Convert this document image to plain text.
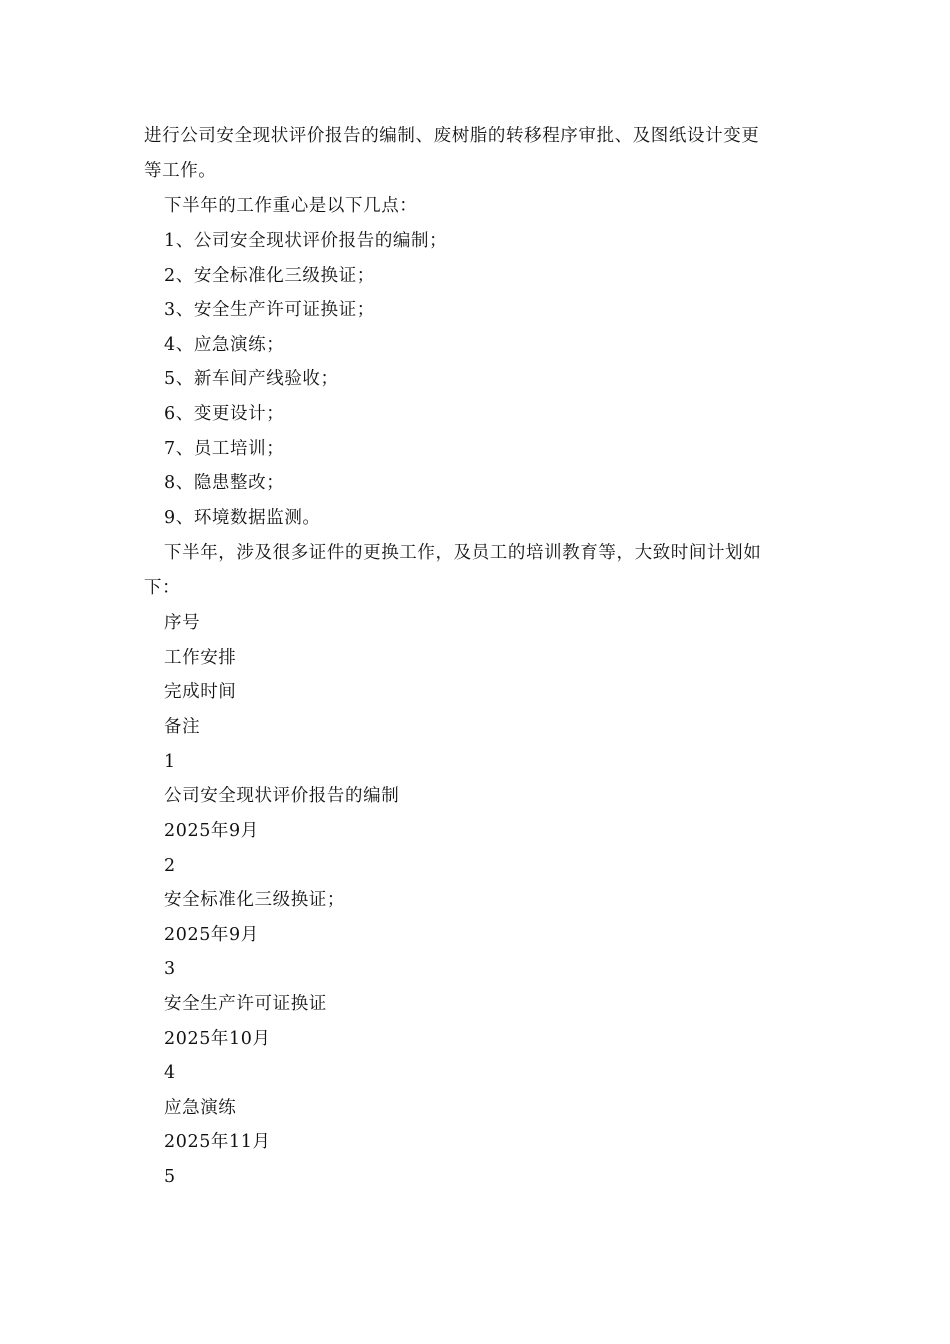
进行公司安全现状评价报告的编制、废树脂的转移程序审批、及图纸设计变更
等工作。
下半年的工作重心是以下几点：
1、公司安全现状评价报告的编制；
2、安全标准化三级换证；
3、安全生产许可证换证；
4、应急演练；
5、新车间产线验收；
6、变更设计；
7、员工培训；
8、隐患整改；
9、环境数据监测。
下半年，涉及很多证件的更换工作，及员工的培训教育等，大致时间计划如
下：
序号
工作安排
完成时间
备注
1
公司安全现状评价报告的编制
2025年9月
2
安全标准化三级换证；
2025年9月
3
安全生产许可证换证
2025年10月
4
应急演练
2025年11月
5
